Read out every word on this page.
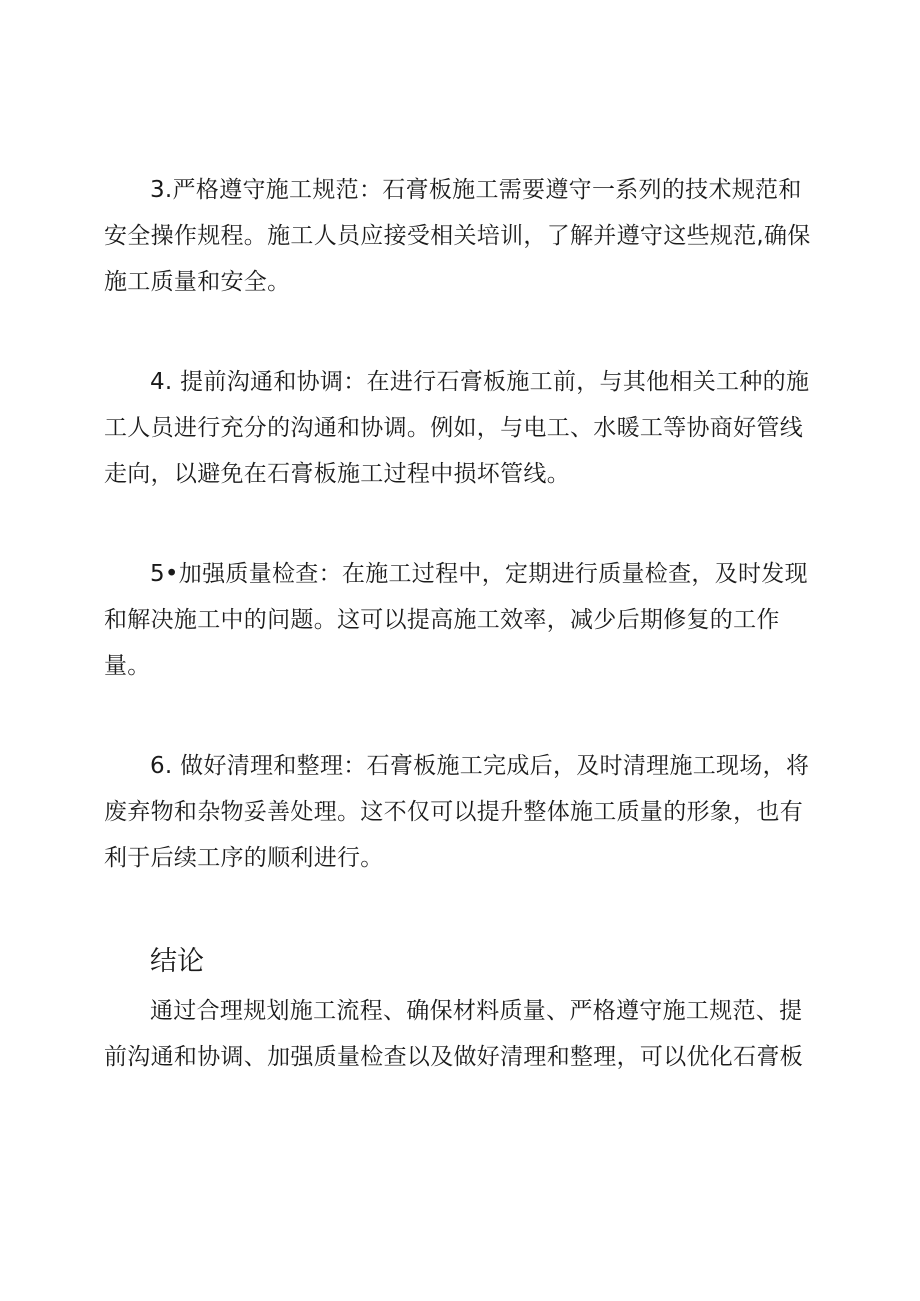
3.严格遵守施工规范：石膏板施工需要遵守一系列的技术规范和安全操作规程。施工人员应接受相关培训，了解并遵守这些规范,确保施工质量和安全。

4. 提前沟通和协调：在进行石膏板施工前，与其他相关工种的施工人员进行充分的沟通和协调。例如，与电工、水暖工等协商好管线走向，以避免在石膏板施工过程中损坏管线。

5•加强质量检查：在施工过程中，定期进行质量检查，及时发现和解决施工中的问题。这可以提高施工效率，减少后期修复的工作量。

6. 做好清理和整理：石膏板施工完成后，及时清理施工现场，将废弃物和杂物妥善处理。这不仅可以提升整体施工质量的形象，也有利于后续工序的顺利进行。

结论

通过合理规划施工流程、确保材料质量、严格遵守施工规范、提前沟通和协调、加强质量检查以及做好清理和整理，可以优化石膏板
